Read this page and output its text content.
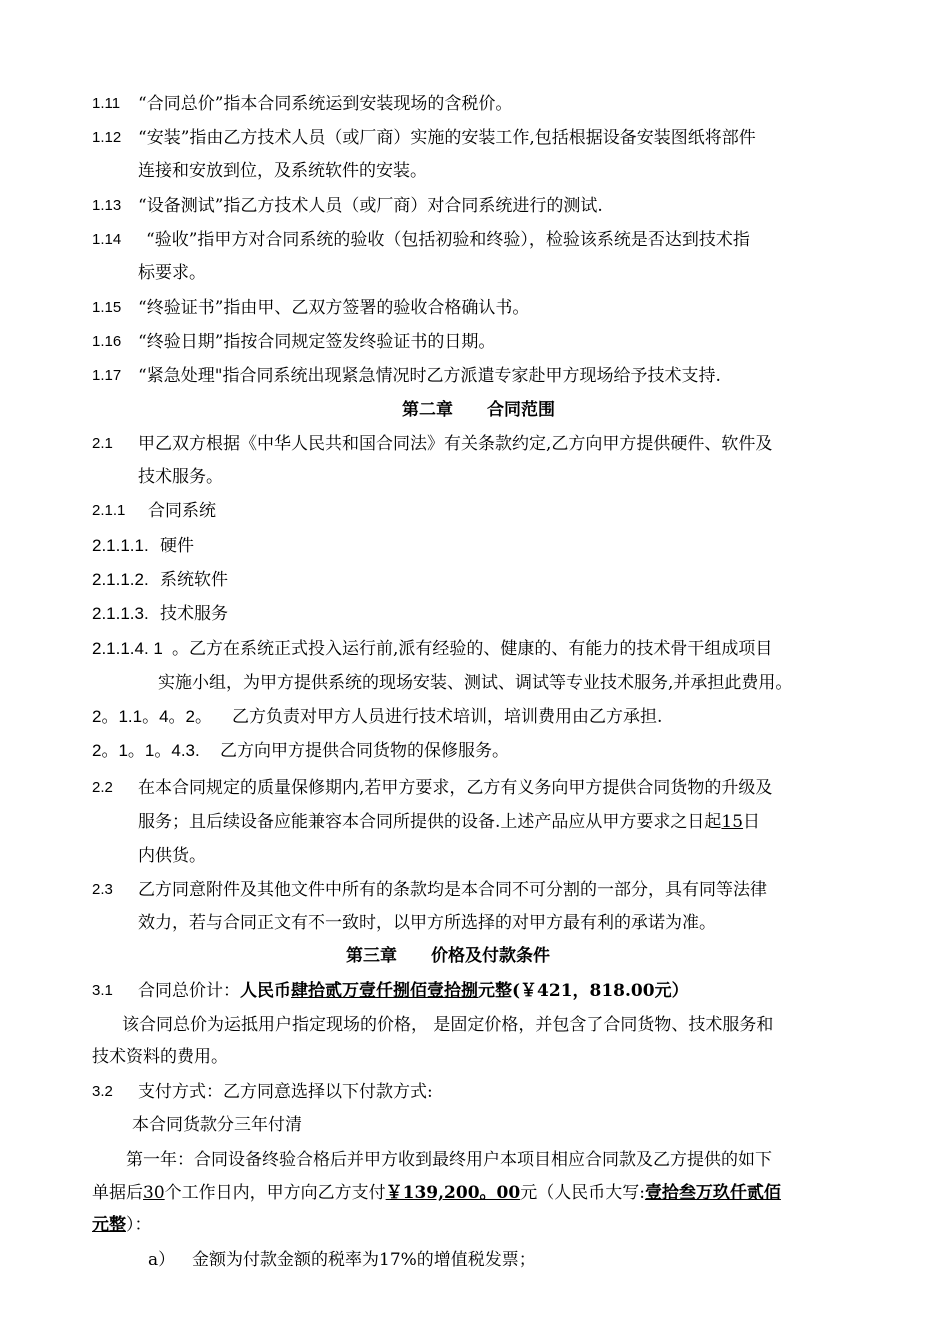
1.11 “合同总价”指本合同系统运到安装现场的含税价。
1.12 “安装”指由乙方技术人员（或厂商）实施的安装工作,包括根据设备安装图纸将部件
连接和安放到位，及系统软件的安装。
1.13 “设备测试”指乙方技术人员（或厂商）对合同系统进行的测试.
1.14 “验收”指甲方对合同系统的验收（包括初验和终验），检验该系统是否达到技术指
标要求。
1.15 “终验证书”指由甲、乙双方签署的验收合格确认书。
1.16 “终验日期”指按合同规定签发终验证书的日期。
1.17 “紧急处理"指合同系统出现紧急情况时乙方派遣专家赴甲方现场给予技术支持.
第二章　　合同范围
2.1 甲乙双方根据《中华人民共和国合同法》有关条款约定,乙方向甲方提供硬件、软件及
技术服务。
2.1.1 合同系统
2.1.1.1. 硬件
2.1.1.2. 系统软件
2.1.1.3. 技术服务
2.1.1.4. 1 。乙方在系统正式投入运行前,派有经验的、健康的、有能力的技术骨干组成项目
实施小组，为甲方提供系统的现场安装、测试、调试等专业技术服务,并承担此费用。
2。1.1。4。2。 乙方负责对甲方人员进行技术培训，培训费用由乙方承担.
2。1。1。4.3. 乙方向甲方提供合同货物的保修服务。
2.2 在本合同规定的质量保修期内,若甲方要求，乙方有义务向甲方提供合同货物的升级及
服务；且后续设备应能兼容本合同所提供的设备.上述产品应从甲方要求之日起15日
内供货。
2.3 乙方同意附件及其他文件中所有的条款均是本合同不可分割的一部分，具有同等法律
效力，若与合同正文有不一致时，以甲方所选择的对甲方最有利的承诺为准。
第三章　　价格及付款条件
3.1 合同总价计：人民币肆拾贰万壹仟捌佰壹拾捌元整(￥421，818.00元）
该合同总价为运抵用户指定现场的价格， 是固定价格，并包含了合同货物、技术服务和
技术资料的费用。
3.2 支付方式：乙方同意选择以下付款方式:
本合同货款分三年付清
第一年：合同设备终验合格后并甲方收到最终用户本项目相应合同款及乙方提供的如下
单据后30个工作日内，甲方向乙方支付￥139,200。00元（人民币大写:壹拾叁万玖仟贰佰
元整）：
a） 金额为付款金额的税率为17%的增值税发票；
